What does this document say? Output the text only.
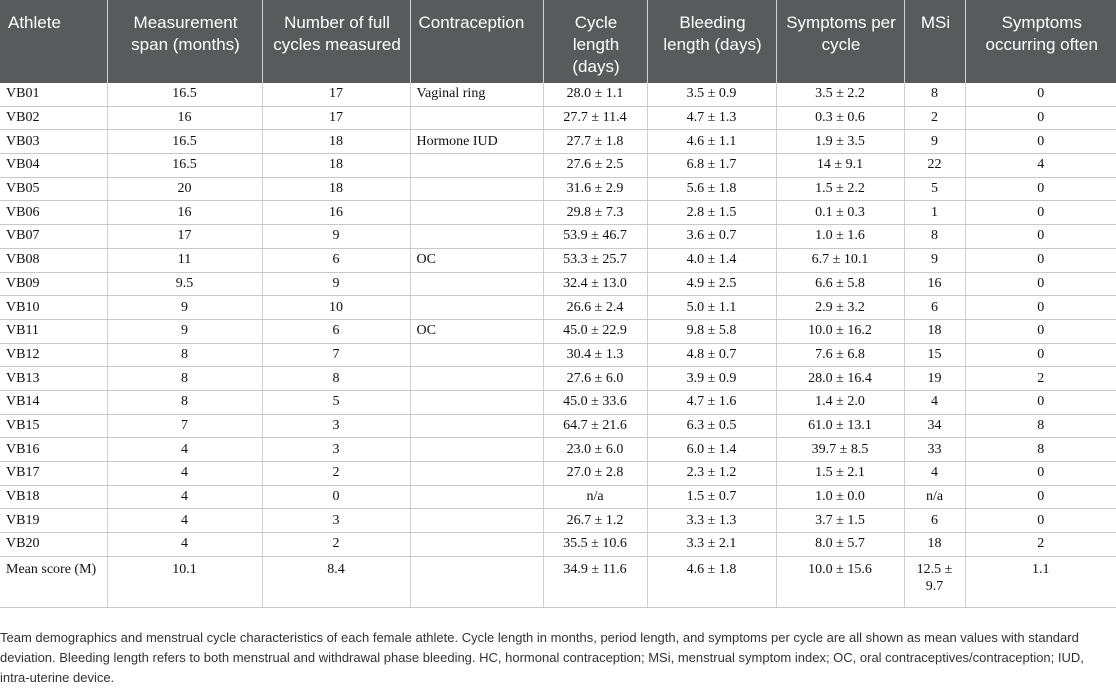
Athlete	Measurement span (months)	Number of full cycles measured	Contraception	Cycle length (days)	Bleeding length (days)	Symptoms per cycle	MSi	Symptoms occurring often
VB01	16.5	17	Vaginal ring	28.0 ± 1.1	3.5 ± 0.9	3.5 ± 2.2	8	0
VB02	16	17		27.7 ± 11.4	4.7 ± 1.3	0.3 ± 0.6	2	0
VB03	16.5	18	Hormone IUD	27.7 ± 1.8	4.6 ± 1.1	1.9 ± 3.5	9	0
VB04	16.5	18		27.6 ± 2.5	6.8 ± 1.7	14 ± 9.1	22	4
VB05	20	18		31.6 ± 2.9	5.6 ± 1.8	1.5 ± 2.2	5	0
VB06	16	16		29.8 ± 7.3	2.8 ± 1.5	0.1 ± 0.3	1	0
VB07	17	9		53.9 ± 46.7	3.6 ± 0.7	1.0 ± 1.6	8	0
VB08	11	6	OC	53.3 ± 25.7	4.0 ± 1.4	6.7 ± 10.1	9	0
VB09	9.5	9		32.4 ± 13.0	4.9 ± 2.5	6.6 ± 5.8	16	0
VB10	9	10		26.6 ± 2.4	5.0 ± 1.1	2.9 ± 3.2	6	0
VB11	9	6	OC	45.0 ± 22.9	9.8 ± 5.8	10.0 ± 16.2	18	0
VB12	8	7		30.4 ± 1.3	4.8 ± 0.7	7.6 ± 6.8	15	0
VB13	8	8		27.6 ± 6.0	3.9 ± 0.9	28.0 ± 16.4	19	2
VB14	8	5		45.0 ± 33.6	4.7 ± 1.6	1.4 ± 2.0	4	0
VB15	7	3		64.7 ± 21.6	6.3 ± 0.5	61.0 ± 13.1	34	8
VB16	4	3		23.0 ± 6.0	6.0 ± 1.4	39.7 ± 8.5	33	8
VB17	4	2		27.0 ± 2.8	2.3 ± 1.2	1.5 ± 2.1	4	0
VB18	4	0		n/a	1.5 ± 0.7	1.0 ± 0.0	n/a	0
VB19	4	3		26.7 ± 1.2	3.3 ± 1.3	3.7 ± 1.5	6	0
VB20	4	2		35.5 ± 10.6	3.3 ± 2.1	8.0 ± 5.7	18	2
Mean score (M)	10.1	8.4		34.9 ± 11.6	4.6 ± 1.8	10.0 ± 15.6	12.5 ± 9.7	1.1
Team demographics and menstrual cycle characteristics of each female athlete. Cycle length in months, period length, and symptoms per cycle are all shown as mean values with standard deviation. Bleeding length refers to both menstrual and withdrawal phase bleeding. HC, hormonal contraception; MSi, menstrual symptom index; OC, oral contraceptives/contraception; IUD, intra-uterine device.
